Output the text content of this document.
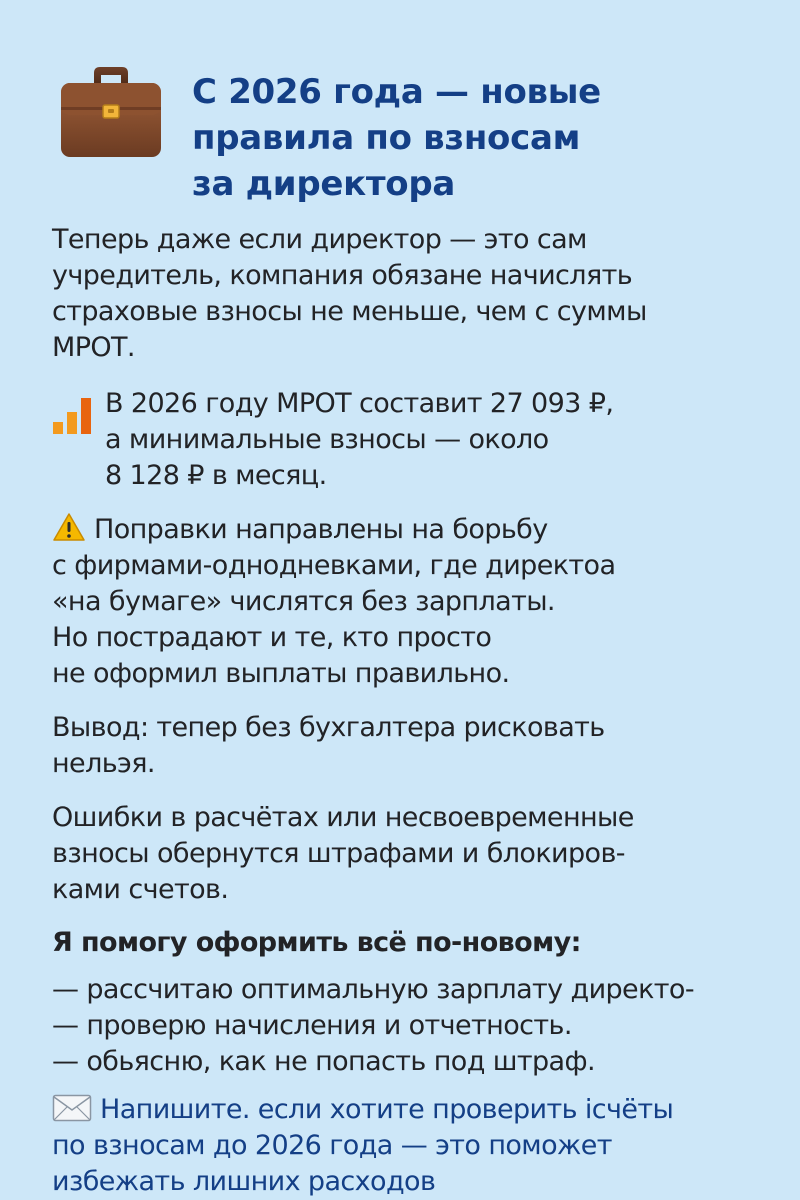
С 2026 года — новые
правила по взносам
за директора

Теперь даже если директор — это сам
учредитель, компания обязане начислять
страховые взносы не меньше, чем с суммы
МРОТ.

В 2026 году МРОТ составит 27 093 ₽,
а минимальные взносы — около
8 128 ₽ в месяц.

Поправки направлены на борьбу
с фирмами-однодневками, где директоа
«на бумаге» числятся без зарплаты.
Но пострадают и те, кто просто
не оформил выплаты правильно.

Вывод: тепер без бухгалтера рисковать
нельэя.

Ошибки в расчётах или несвоевременные
взносы обернутся штрафами и блокиров-
ками счетов.

Я помогу оформить всё по-новому:

— рассчитаю оптимальную зарплату директо-

— проверю начисления и отчетность.

— обьясню, как не попасть под штраф.

Напишите. если хотите проверить ісчёты
по взносам до 2026 года — это поможет
избежать лишних расходов
